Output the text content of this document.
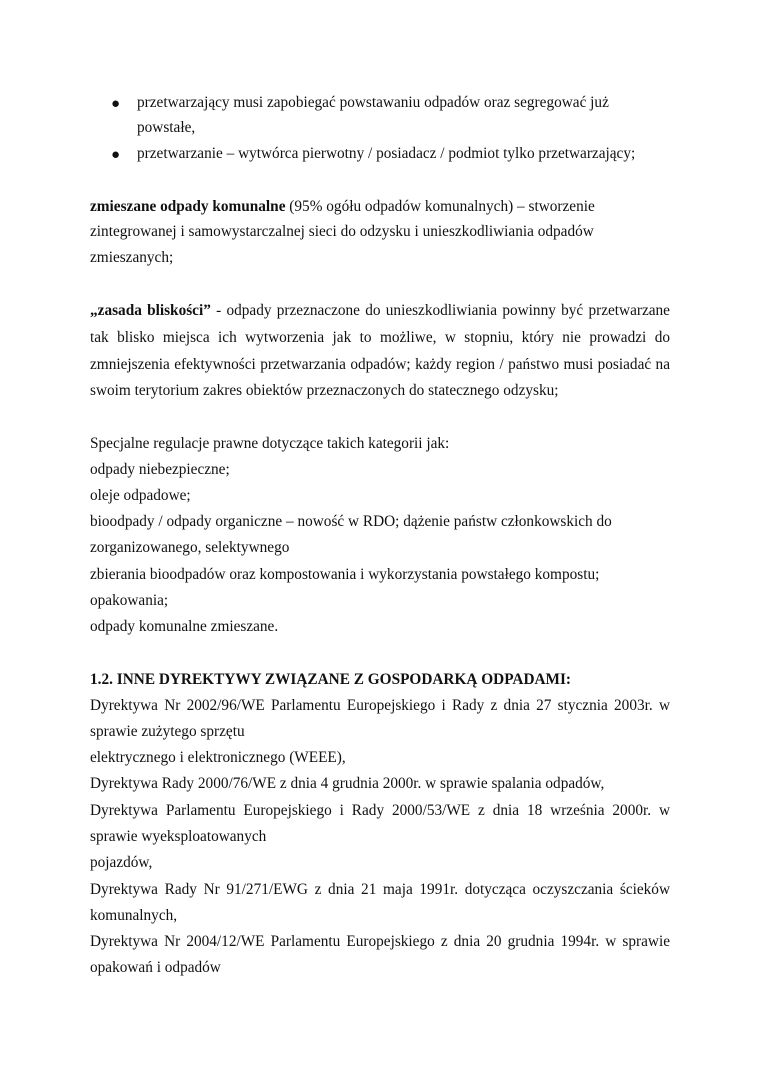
● przetwarzający musi zapobiegać powstawaniu odpadów oraz segregować już
powstałe,
● przetwarzanie – wytwórca pierwotny / posiadacz / podmiot tylko przetwarzający;
zmieszane odpady komunalne (95% ogółu odpadów komunalnych) – stworzenie
zintegrowanej i samowystarczalnej sieci do odzysku i unieszkodliwiania odpadów
zmieszanych;
„zasada bliskości” - odpady przeznaczone do unieszkodliwiania powinny być przetwarzane
tak blisko miejsca ich wytworzenia jak to możliwe, w stopniu, który nie prowadzi do
zmniejszenia efektywności przetwarzania odpadów; każdy region / państwo musi posiadać na
swoim terytorium zakres obiektów przeznaczonych do statecznego odzysku;
Specjalne regulacje prawne dotyczące takich kategorii jak:
odpady niebezpieczne;
oleje odpadowe;
bioodpady / odpady organiczne – nowość w RDO; dążenie państw członkowskich do
zorganizowanego, selektywnego
zbierania bioodpadów oraz kompostowania i wykorzystania powstałego kompostu;
opakowania;
odpady komunalne zmieszane.
1.2. INNE DYREKTYWY ZWIĄZANE Z GOSPODARKĄ ODPADAMI:
Dyrektywa Nr 2002/96/WE Parlamentu Europejskiego i Rady z dnia 27 stycznia 2003r. w
sprawie zużytego sprzętu
elektrycznego i elektronicznego (WEEE),
Dyrektywa Rady 2000/76/WE z dnia 4 grudnia 2000r. w sprawie spalania odpadów,
Dyrektywa Parlamentu Europejskiego i Rady 2000/53/WE z dnia 18 września 2000r. w
sprawie wyeksploatowanych
pojazdów,
Dyrektywa Rady Nr 91/271/EWG z dnia 21 maja 1991r. dotycząca oczyszczania ścieków
komunalnych,
Dyrektywa Nr 2004/12/WE Parlamentu Europejskiego z dnia 20 grudnia 1994r. w sprawie
opakowań i odpadów
